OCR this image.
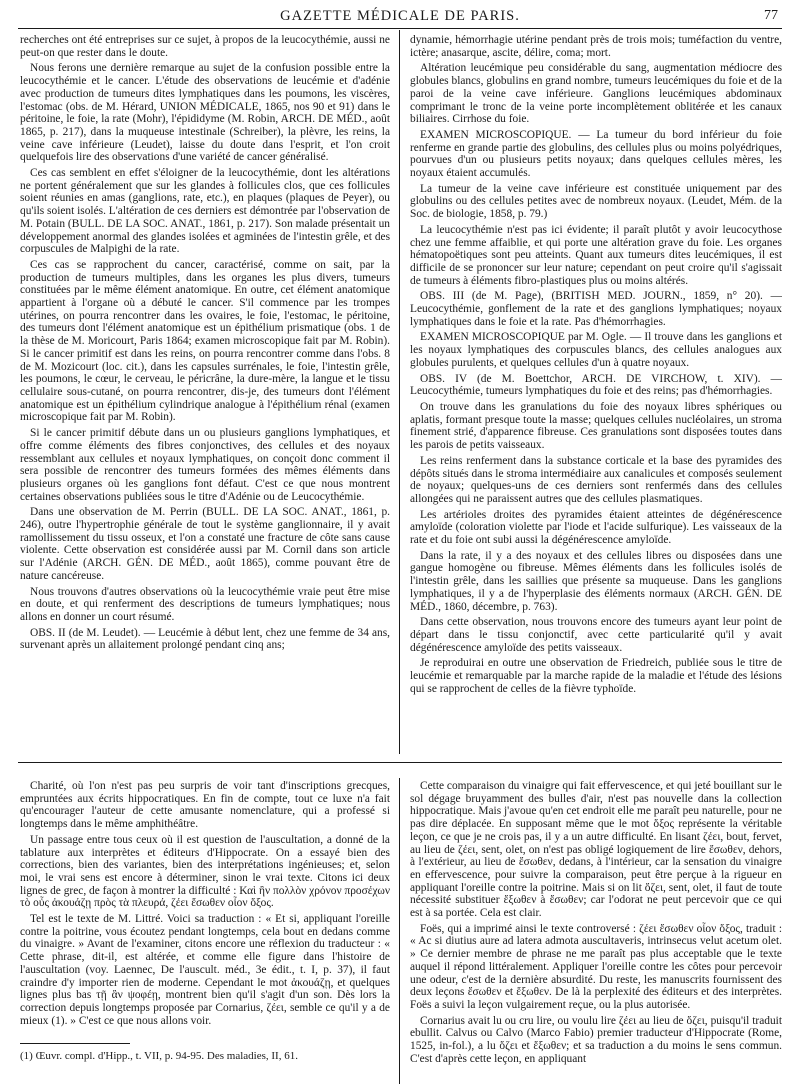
GAZETTE MÉDICALE DE PARIS.	77

recherches ont été entreprises sur ce sujet, à propos de la leucocythémie, aussi ne peut-on que rester dans le doute.

Nous ferons une dernière remarque au sujet de la confusion possible entre la leucocythémie et le cancer. L'étude des observations de leucémie et d'adénie avec production de tumeurs dites lymphatiques dans les poumons, les viscères, l'estomac (obs. de M. Hérard, UNION MÉDICALE, 1865, nos 90 et 91) dans le péritoine, le foie, la rate (Mohr), l'épididyme (M. Robin, ARCH. DE MÉD., août 1865, p. 217), dans la muqueuse intestinale (Schreiber), la plèvre, les reins, la veine cave inférieure (Leudet), laisse du doute dans l'esprit, et l'on croit quelquefois lire des observations d'une variété de cancer généralisé.

Ces cas semblent en effet s'éloigner de la leucocythémie, dont les altérations ne portent généralement que sur les glandes à follicules clos, que ces follicules soient réunies en amas (ganglions, rate, etc.), en plaques (plaques de Peyer), ou qu'ils soient isolés. L'altération de ces derniers est démontrée par l'observation de M. Potain (BULL. DE LA SOC. ANAT., 1861, p. 217). Son malade présentait un développement anormal des glandes isolées et agminées de l'intestin grêle, et des corpuscules de Malpighi de la rate.

Ces cas se rapprochent du cancer, caractérisé, comme on sait, par la production de tumeurs multiples, dans les organes les plus divers, tumeurs constituées par le même élément anatomique. En outre, cet élément anatomique appartient à l'organe où a débuté le cancer. S'il commence par les trompes utérines, on pourra rencontrer dans les ovaires, le foie, l'estomac, le péritoine, des tumeurs dont l'élément anatomique est un épithélium prismatique (obs. 1 de la thèse de M. Moricourt, Paris 1864; examen microscopique fait par M. Robin). Si le cancer primitif est dans les reins, on pourra rencontrer comme dans l'obs. 8 de M. Mozicourt (loc. cit.), dans les capsules surrénales, le foie, l'intestin grêle, les poumons, le cœur, le cerveau, le péricrâne, la dure-mère, la langue et le tissu cellulaire sous-cutané, on pourra rencontrer, dis-je, des tumeurs dont l'élément anatomique est un épithélium cylindrique analogue à l'épithélium rénal (examen microscopique fait par M. Robin).

Si le cancer primitif débute dans un ou plusieurs ganglions lymphatiques, et offre comme éléments des fibres conjonctives, des cellules et des noyaux ressemblant aux cellules et noyaux lymphatiques, on conçoit donc comment il sera possible de rencontrer des tumeurs formées des mêmes éléments dans plusieurs organes où les ganglions font défaut. C'est ce que nous montrent certaines observations publiées sous le titre d'Adénie ou de Leucocythémie.

Dans une observation de M. Perrin (BULL. DE LA SOC. ANAT., 1861, p. 246), outre l'hypertrophie générale de tout le système ganglionnaire, il y avait ramollissement du tissu osseux, et l'on a constaté une fracture de côte sans cause violente. Cette observation est considérée aussi par M. Cornil dans son article sur l'Adénie (ARCH. GÉN. DE MÉD., août 1865), comme pouvant être de nature cancéreuse.

Nous trouvons d'autres observations où la leucocythémie vraie peut être mise en doute, et qui renferment des descriptions de tumeurs lymphatiques; nous allons en donner un court résumé.

OBS. II (de M. Leudet). — Leucémie à début lent, chez une femme de 34 ans, survenant après un allaitement prolongé pendant cinq ans;

dynamie, hémorrhagie utérine pendant près de trois mois; tuméfaction du ventre, ictère; anasarque, ascite, délire, coma; mort.

Altération leucémique peu considérable du sang, augmentation médiocre des globules blancs, globulins en grand nombre, tumeurs leucémiques du foie et de la paroi de la veine cave inférieure. Ganglions leucémiques abdominaux comprimant le tronc de la veine porte incomplètement oblitérée et les canaux biliaires. Cirrhose du foie.

EXAMEN MICROSCOPIQUE. — La tumeur du bord inférieur du foie renferme en grande partie des globulins, des cellules plus ou moins polyédriques, pourvues d'un ou plusieurs petits noyaux; dans quelques cellules mères, les noyaux étaient accumulés.

La tumeur de la veine cave inférieure est constituée uniquement par des globulins ou des cellules petites avec de nombreux noyaux. (Leudet, Mém. de la Soc. de biologie, 1858, p. 79.)

La leucocythémie n'est pas ici évidente; il paraît plutôt y avoir leucocythose chez une femme affaiblie, et qui porte une altération grave du foie. Les organes hématopoëtiques sont peu atteints. Quant aux tumeurs dites leucémiques, il est difficile de se prononcer sur leur nature; cependant on peut croire qu'il s'agissait de tumeurs à éléments fibro-plastiques plus ou moins altérés.

OBS. III (de M. Page), (BRITISH MED. JOURN., 1859, n° 20). — Leucocythémie, gonflement de la rate et des ganglions lymphatiques; noyaux lymphatiques dans le foie et la rate. Pas d'hémorrhagies.

EXAMEN MICROSCOPIQUE par M. Ogle. — Il trouve dans les ganglions et les noyaux lymphatiques des corpuscules blancs, des cellules analogues aux globules purulents, et quelques cellules d'un à quatre noyaux.

OBS. IV (de M. Boettchor, ARCH. DE VIRCHOW, t. XIV). — Leucocythémie, tumeurs lymphatiques du foie et des reins; pas d'hémorrhagies.

On trouve dans les granulations du foie des noyaux libres sphériques ou aplatis, formant presque toute la masse; quelques cellules nucléolaires, un stroma finement strié, d'apparence fibreuse. Ces granulations sont disposées toutes dans les parois de petits vaisseaux.

Les reins renferment dans la substance corticale et la base des pyramides des dépôts situés dans le stroma intermédiaire aux canalicules et composés seulement de noyaux; quelques-uns de ces derniers sont renfermés dans des cellules allongées qui ne paraissent autres que des cellules plasmatiques.

Les artérioles droites des pyramides étaient atteintes de dégénérescence amyloïde (coloration violette par l'iode et l'acide sulfurique). Les vaisseaux de la rate et du foie ont subi aussi la dégénérescence amyloïde.

Dans la rate, il y a des noyaux et des cellules libres ou disposées dans une gangue homogène ou fibreuse. Mêmes éléments dans les follicules isolés de l'intestin grêle, dans les saillies que présente sa muqueuse. Dans les ganglions lymphatiques, il y a de l'hyperplasie des éléments normaux (ARCH. GÉN. DE MÉD., 1860, décembre, p. 763).

Dans cette observation, nous trouvons encore des tumeurs ayant leur point de départ dans le tissu conjonctif, avec cette particularité qu'il y avait dégénérescence amyloïde des petits vaisseaux.

Je reproduirai en outre une observation de Friedreich, publiée sous le titre de leucémie et remarquable par la marche rapide de la maladie et l'étude des lésions qui se rapprochent de celles de la fièvre typhoïde.

Charité, où l'on n'est pas peu surpris de voir tant d'inscriptions grecques, empruntées aux écrits hippocratiques. En fin de compte, tout ce luxe n'a fait qu'encourager l'auteur de cette amusante nomenclature, qui a professé si longtemps dans le même amphithéâtre.

Un passage entre tous ceux où il est question de l'auscultation, a donné de la tablature aux interprètes et éditeurs d'Hippocrate. On a essayé bien des corrections, bien des variantes, bien des interprétations ingénieuses; et, selon moi, le vrai sens est encore à déterminer, sinon le vrai texte. Citons ici deux lignes de grec, de façon à montrer la difficulté : Καὶ ἢν πολλὸν χρόνον προσέχων τὸ οὖς ἀκουάζῃ πρὸς τὰ πλευρά, ζέει ἔσωθεν οἷον ὄξος.

Tel est le texte de M. Littré. Voici sa traduction : « Et si, appliquant l'oreille contre la poitrine, vous écoutez pendant longtemps, cela bout en dedans comme du vinaigre. » Avant de l'examiner, citons encore une réflexion du traducteur : « Cette phrase, dit-il, est altérée, et comme elle figure dans l'histoire de l'auscultation (voy. Laennec, De l'auscult. méd., 3e édit., t. I, p. 37), il faut craindre d'y importer rien de moderne. Cependant le mot ἀκουάζῃ, et quelques lignes plus bas τῇ ἂν ψοφέῃ, montrent bien qu'il s'agit d'un son. Dès lors la correction depuis longtemps proposée par Cornarius, ζέει, semble ce qu'il y a de mieux (1). » C'est ce que nous allons voir.

Cette comparaison du vinaigre qui fait effervescence, et qui jeté bouillant sur le sol dégage bruyamment des bulles d'air, n'est pas nouvelle dans la collection hippocratique. Mais j'avoue qu'en cet endroit elle me paraît peu naturelle, pour ne pas dire déplacée. En supposant même que le mot ὄξος représente la véritable leçon, ce que je ne crois pas, il y a un autre difficulté. En lisant ζέει, bout, fervet, au lieu de ζέει, sent, olet, on n'est pas obligé logiquement de lire ἔσωθεν, dehors, à l'extérieur, au lieu de ἔσωθεν, dedans, à l'intérieur, car la sensation du vinaigre en effervescence, pour suivre la comparaison, peut être perçue à la rigueur en appliquant l'oreille contre la poitrine. Mais si on lit ὄζει, sent, olet, il faut de toute nécessité substituer ἔξωθεν à ἔσωθεν; car l'odorat ne peut percevoir que ce qui est à sa portée. Cela est clair.

Foës, qui a imprimé ainsi le texte controversé : ζέει ἔσωθεν οἷον ὄξος, traduit : « Ac si diutius aure ad latera admota auscultaveris, intrinsecus velut acetum olet. » Ce dernier membre de phrase ne me paraît pas plus acceptable que le texte auquel il répond littéralement. Appliquer l'oreille contre les côtes pour percevoir une odeur, c'est de la dernière absurdité. Du reste, les manuscrits fournissent des deux leçons ἔσωθεν et ἔξωθεν. De là la perplexité des éditeurs et des interprètes. Foës a suivi la leçon vulgairement reçue, ou la plus autorisée.

Cornarius avait lu ou cru lire, ou voulu lire ζέει au lieu de ὄζει, puisqu'il traduit ebullit. Calvus ou Calvo (Marco Fabio) premier traducteur d'Hippocrate (Rome, 1525, in-fol.), a lu ὄζει et ἔξωθεν; et sa traduction a du moins le sens commun. C'est d'après cette leçon, en appliquant

(1) Œuvr. compl. d'Hipp., t. VII, p. 94-95. Des maladies, II, 61.
